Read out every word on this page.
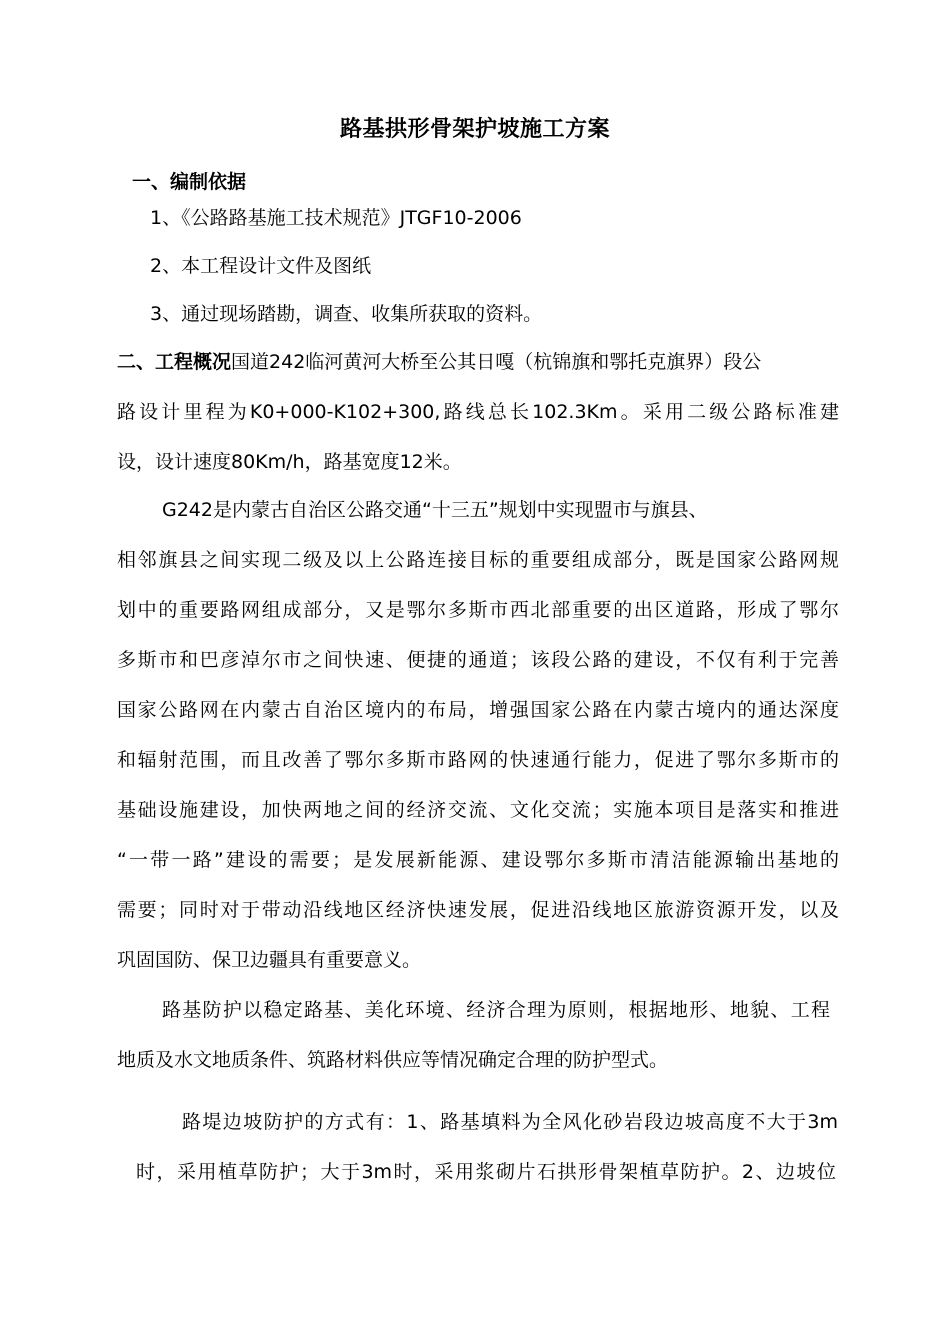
路基拱形骨架护坡施工方案
一、编制依据
1、《公路路基施工技术规范》JTGF10-2006
2、本工程设计文件及图纸
3、通过现场踏勘，调查、收集所获取的资料。
二、工程概况国道242临河黄河大桥至公其日嘎（杭锦旗和鄂托克旗界）段公
路设计里程为K0+000-K102+300,路线总长102.3Km。采用二级公路标准建
设，设计速度80Km/h，路基宽度12米。
G242是内蒙古自治区公路交通“十三五”规划中实现盟市与旗县、
相邻旗县之间实现二级及以上公路连接目标的重要组成部分，既是国家公路网规
划中的重要路网组成部分，又是鄂尔多斯市西北部重要的出区道路，形成了鄂尔
多斯市和巴彦淖尔市之间快速、便捷的通道；该段公路的建设，不仅有利于完善
国家公路网在内蒙古自治区境内的布局，增强国家公路在内蒙古境内的通达深度
和辐射范围，而且改善了鄂尔多斯市路网的快速通行能力，促进了鄂尔多斯市的
基础设施建设，加快两地之间的经济交流、文化交流；实施本项目是落实和推进
“一带一路”建设的需要；是发展新能源、建设鄂尔多斯市清洁能源输出基地的
需要；同时对于带动沿线地区经济快速发展，促进沿线地区旅游资源开发，以及
巩固国防、保卫边疆具有重要意义。
路基防护以稳定路基、美化环境、经济合理为原则，根据地形、地貌、工程
地质及水文地质条件、筑路材料供应等情况确定合理的防护型式。
路堤边坡防护的方式有：1、路基填料为全风化砂岩段边坡高度不大于3m
时，采用植草防护；大于3m时，采用浆砌片石拱形骨架植草防护。2、边坡位
